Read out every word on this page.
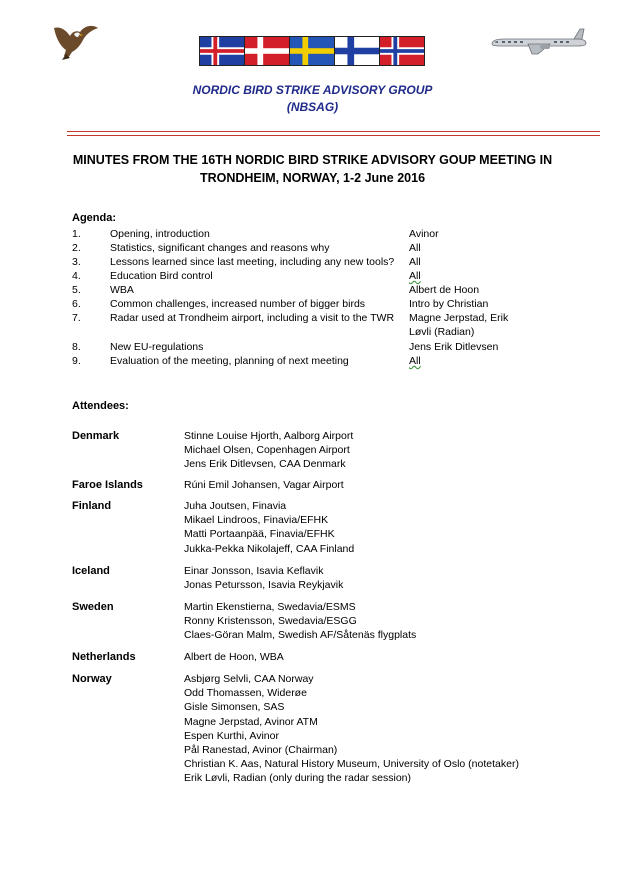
NORDIC BIRD STRIKE ADVISORY GROUP
(NBSAG)
MINUTES FROM THE 16TH NORDIC BIRD STRIKE ADVISORY GOUP MEETING IN
TRONDHEIM, NORWAY, 1-2 June 2016
Agenda:
1.	Opening, introduction	Avinor
2.	Statistics, significant changes and reasons why	All
3.	Lessons learned since last meeting, including any new tools?	All
4.	Education Bird control	All
5.	WBA	Albert de Hoon
6.	Common challenges, increased number of bigger birds	Intro by Christian
7.	Radar used at Trondheim airport, including a visit to the TWR	Magne Jerpstad, Erik
Løvli (Radian)
8.	New EU-regulations	Jens Erik Ditlevsen
9.	Evaluation of the meeting, planning of next meeting	All
Attendees:
Denmark	Stinne Louise Hjorth, Aalborg Airport
Michael Olsen, Copenhagen Airport
Jens Erik Ditlevsen, CAA Denmark
Faroe Islands	Rúni Emil Johansen, Vagar Airport
Finland	Juha Joutsen, Finavia
Mikael Lindroos, Finavia/EFHK
Matti Portaanpää, Finavia/EFHK
Jukka-Pekka Nikolajeff, CAA Finland
Iceland	Einar Jonsson, Isavia Keflavik
Jonas Petursson, Isavia Reykjavik
Sweden	Martin Ekenstierna, Swedavia/ESMS
Ronny Kristensson, Swedavia/ESGG
Claes-Göran Malm, Swedish AF/Såtenäs flygplats
Netherlands	Albert de Hoon, WBA
Norway	Asbjørg Selvli, CAA Norway
Odd Thomassen, Widerøe
Gisle Simonsen, SAS
Magne Jerpstad, Avinor ATM
Espen Kurthi, Avinor
Pål Ranestad, Avinor (Chairman)
Christian K. Aas, Natural History Museum, University of Oslo (notetaker)
Erik Løvli, Radian (only during the radar session)
